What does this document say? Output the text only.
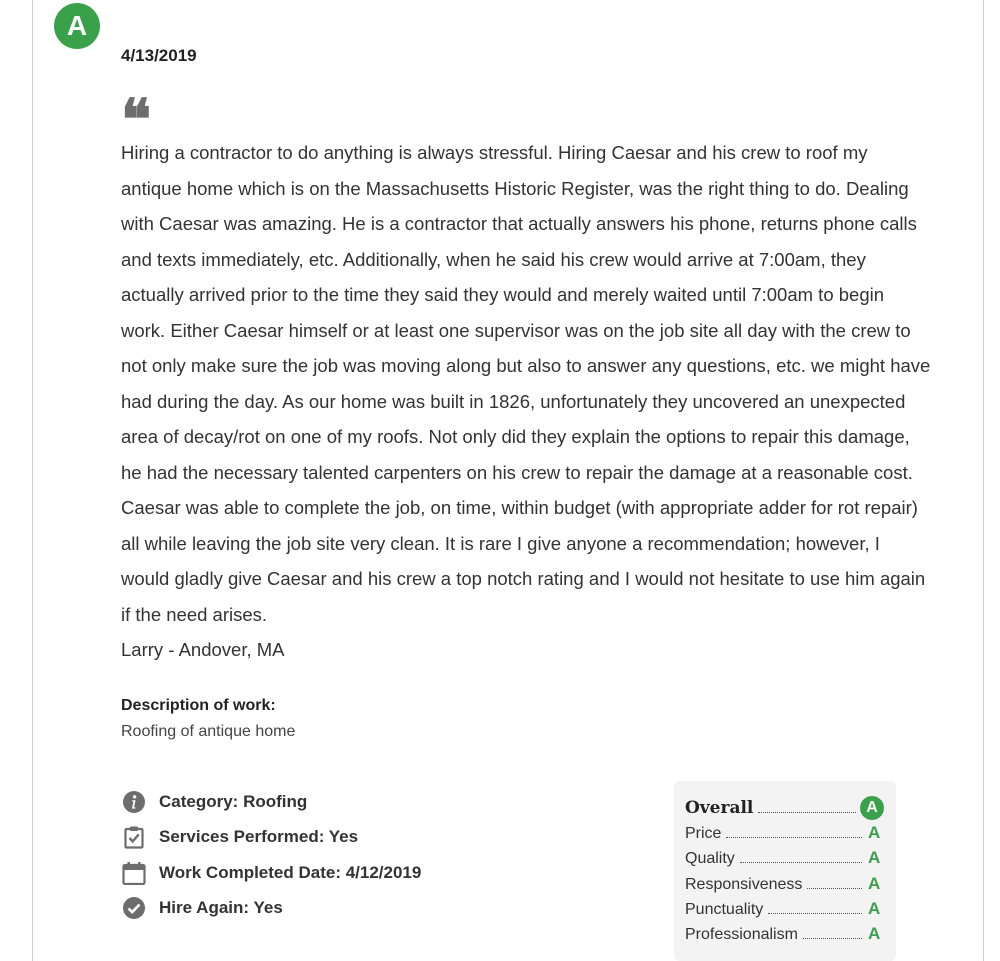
A
4/13/2019
❝

Hiring a contractor to do anything is always stressful. Hiring Caesar and his crew to roof my antique home which is on the Massachusetts Historic Register, was the right thing to do. Dealing with Caesar was amazing. He is a contractor that actually answers his phone, returns phone calls and texts immediately, etc. Additionally, when he said his crew would arrive at 7:00am, they actually arrived prior to the time they said they would and merely waited until 7:00am to begin work. Either Caesar himself or at least one supervisor was on the job site all day with the crew to not only make sure the job was moving along but also to answer any questions, etc. we might have had during the day. As our home was built in 1826, unfortunately they uncovered an unexpected area of decay/rot on one of my roofs. Not only did they explain the options to repair this damage, he had the necessary talented carpenters on his crew to repair the damage at a reasonable cost. Caesar was able to complete the job, on time, within budget (with appropriate adder for rot repair) all while leaving the job site very clean. It is rare I give anyone a recommendation; however, I would gladly give Caesar and his crew a top notch rating and I would not hesitate to use him again if the need arises.

Larry - Andover, MA

Description of work:
Roofing of antique home
Category: Roofing
Services Performed: Yes
Work Completed Date: 4/12/2019
Hire Again: Yes
Overall	A
Price	A
Quality	A
Responsiveness	A
Punctuality	A
Professionalism	A
